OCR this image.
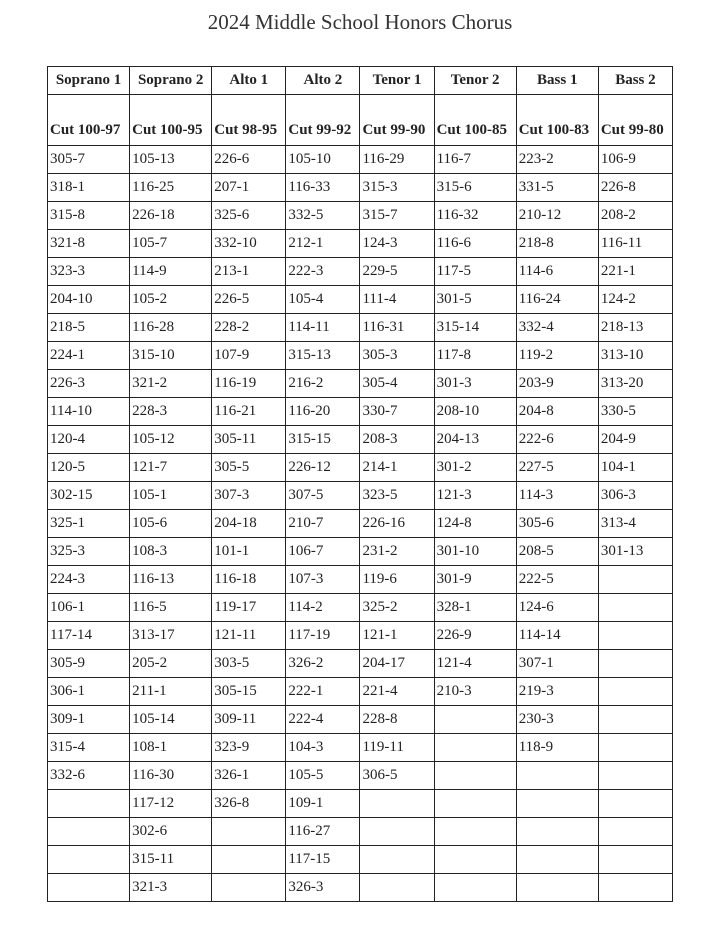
2024 Middle School Honors Chorus
Soprano 1	Soprano 2	Alto 1	Alto 2	Tenor 1	Tenor 2	Bass 1	Bass 2
Cut 100-97	Cut 100-95	Cut 98-95	Cut 99-92	Cut 99-90	Cut 100-85	Cut 100-83	Cut 99-80
305-7	105-13	226-6	105-10	116-29	116-7	223-2	106-9
318-1	116-25	207-1	116-33	315-3	315-6	331-5	226-8
315-8	226-18	325-6	332-5	315-7	116-32	210-12	208-2
321-8	105-7	332-10	212-1	124-3	116-6	218-8	116-11
323-3	114-9	213-1	222-3	229-5	117-5	114-6	221-1
204-10	105-2	226-5	105-4	111-4	301-5	116-24	124-2
218-5	116-28	228-2	114-11	116-31	315-14	332-4	218-13
224-1	315-10	107-9	315-13	305-3	117-8	119-2	313-10
226-3	321-2	116-19	216-2	305-4	301-3	203-9	313-20
114-10	228-3	116-21	116-20	330-7	208-10	204-8	330-5
120-4	105-12	305-11	315-15	208-3	204-13	222-6	204-9
120-5	121-7	305-5	226-12	214-1	301-2	227-5	104-1
302-15	105-1	307-3	307-5	323-5	121-3	114-3	306-3
325-1	105-6	204-18	210-7	226-16	124-8	305-6	313-4
325-3	108-3	101-1	106-7	231-2	301-10	208-5	301-13
224-3	116-13	116-18	107-3	119-6	301-9	222-5	
106-1	116-5	119-17	114-2	325-2	328-1	124-6	
117-14	313-17	121-11	117-19	121-1	226-9	114-14	
305-9	205-2	303-5	326-2	204-17	121-4	307-1	
306-1	211-1	305-15	222-1	221-4	210-3	219-3	
309-1	105-14	309-11	222-4	228-8		230-3	
315-4	108-1	323-9	104-3	119-11		118-9	
332-6	116-30	326-1	105-5	306-5			
	117-12	326-8	109-1				
	302-6		116-27				
	315-11		117-15				
	321-3		326-3				
